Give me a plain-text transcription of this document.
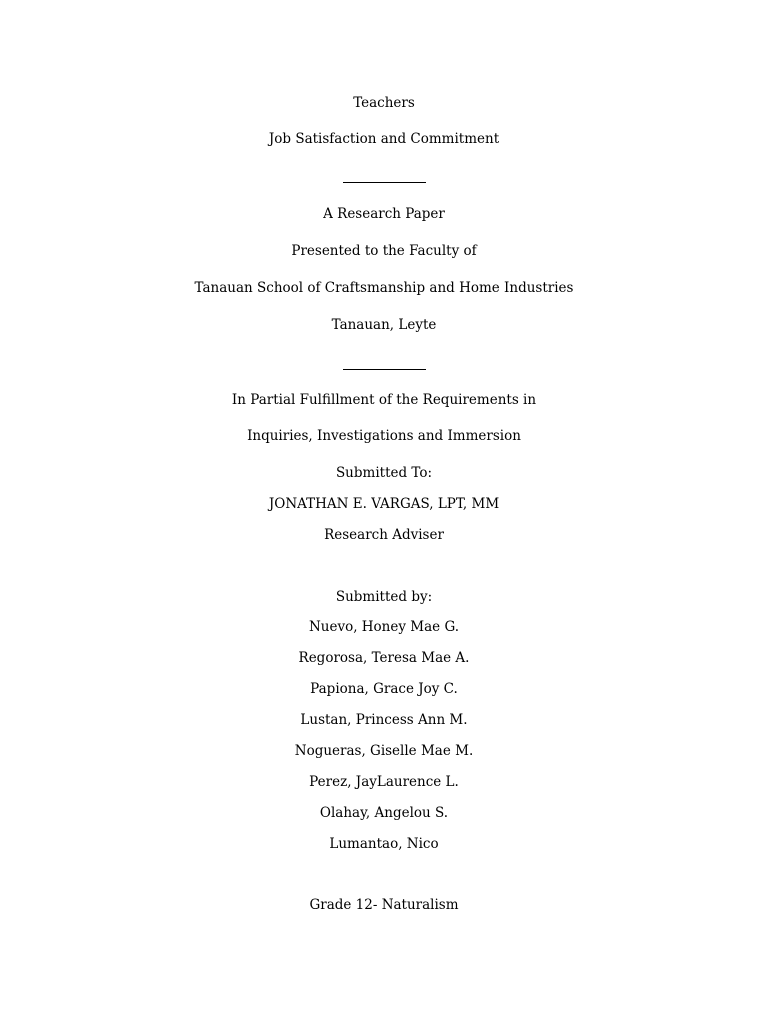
Teachers
Job Satisfaction and Commitment
A Research Paper
Presented to the Faculty of
Tanauan School of Craftsmanship and Home Industries
Tanauan, Leyte
In Partial Fulfillment of the Requirements in
Inquiries, Investigations and Immersion
Submitted To:
JONATHAN E. VARGAS, LPT, MM
Research Adviser
Submitted by:
Nuevo, Honey Mae G.
Regorosa, Teresa Mae A.
Papiona, Grace Joy C.
Lustan, Princess Ann M.
Nogueras, Giselle Mae M.
Perez, JayLaurence L.
Olahay, Angelou S.
Lumantao, Nico
Grade 12- Naturalism
